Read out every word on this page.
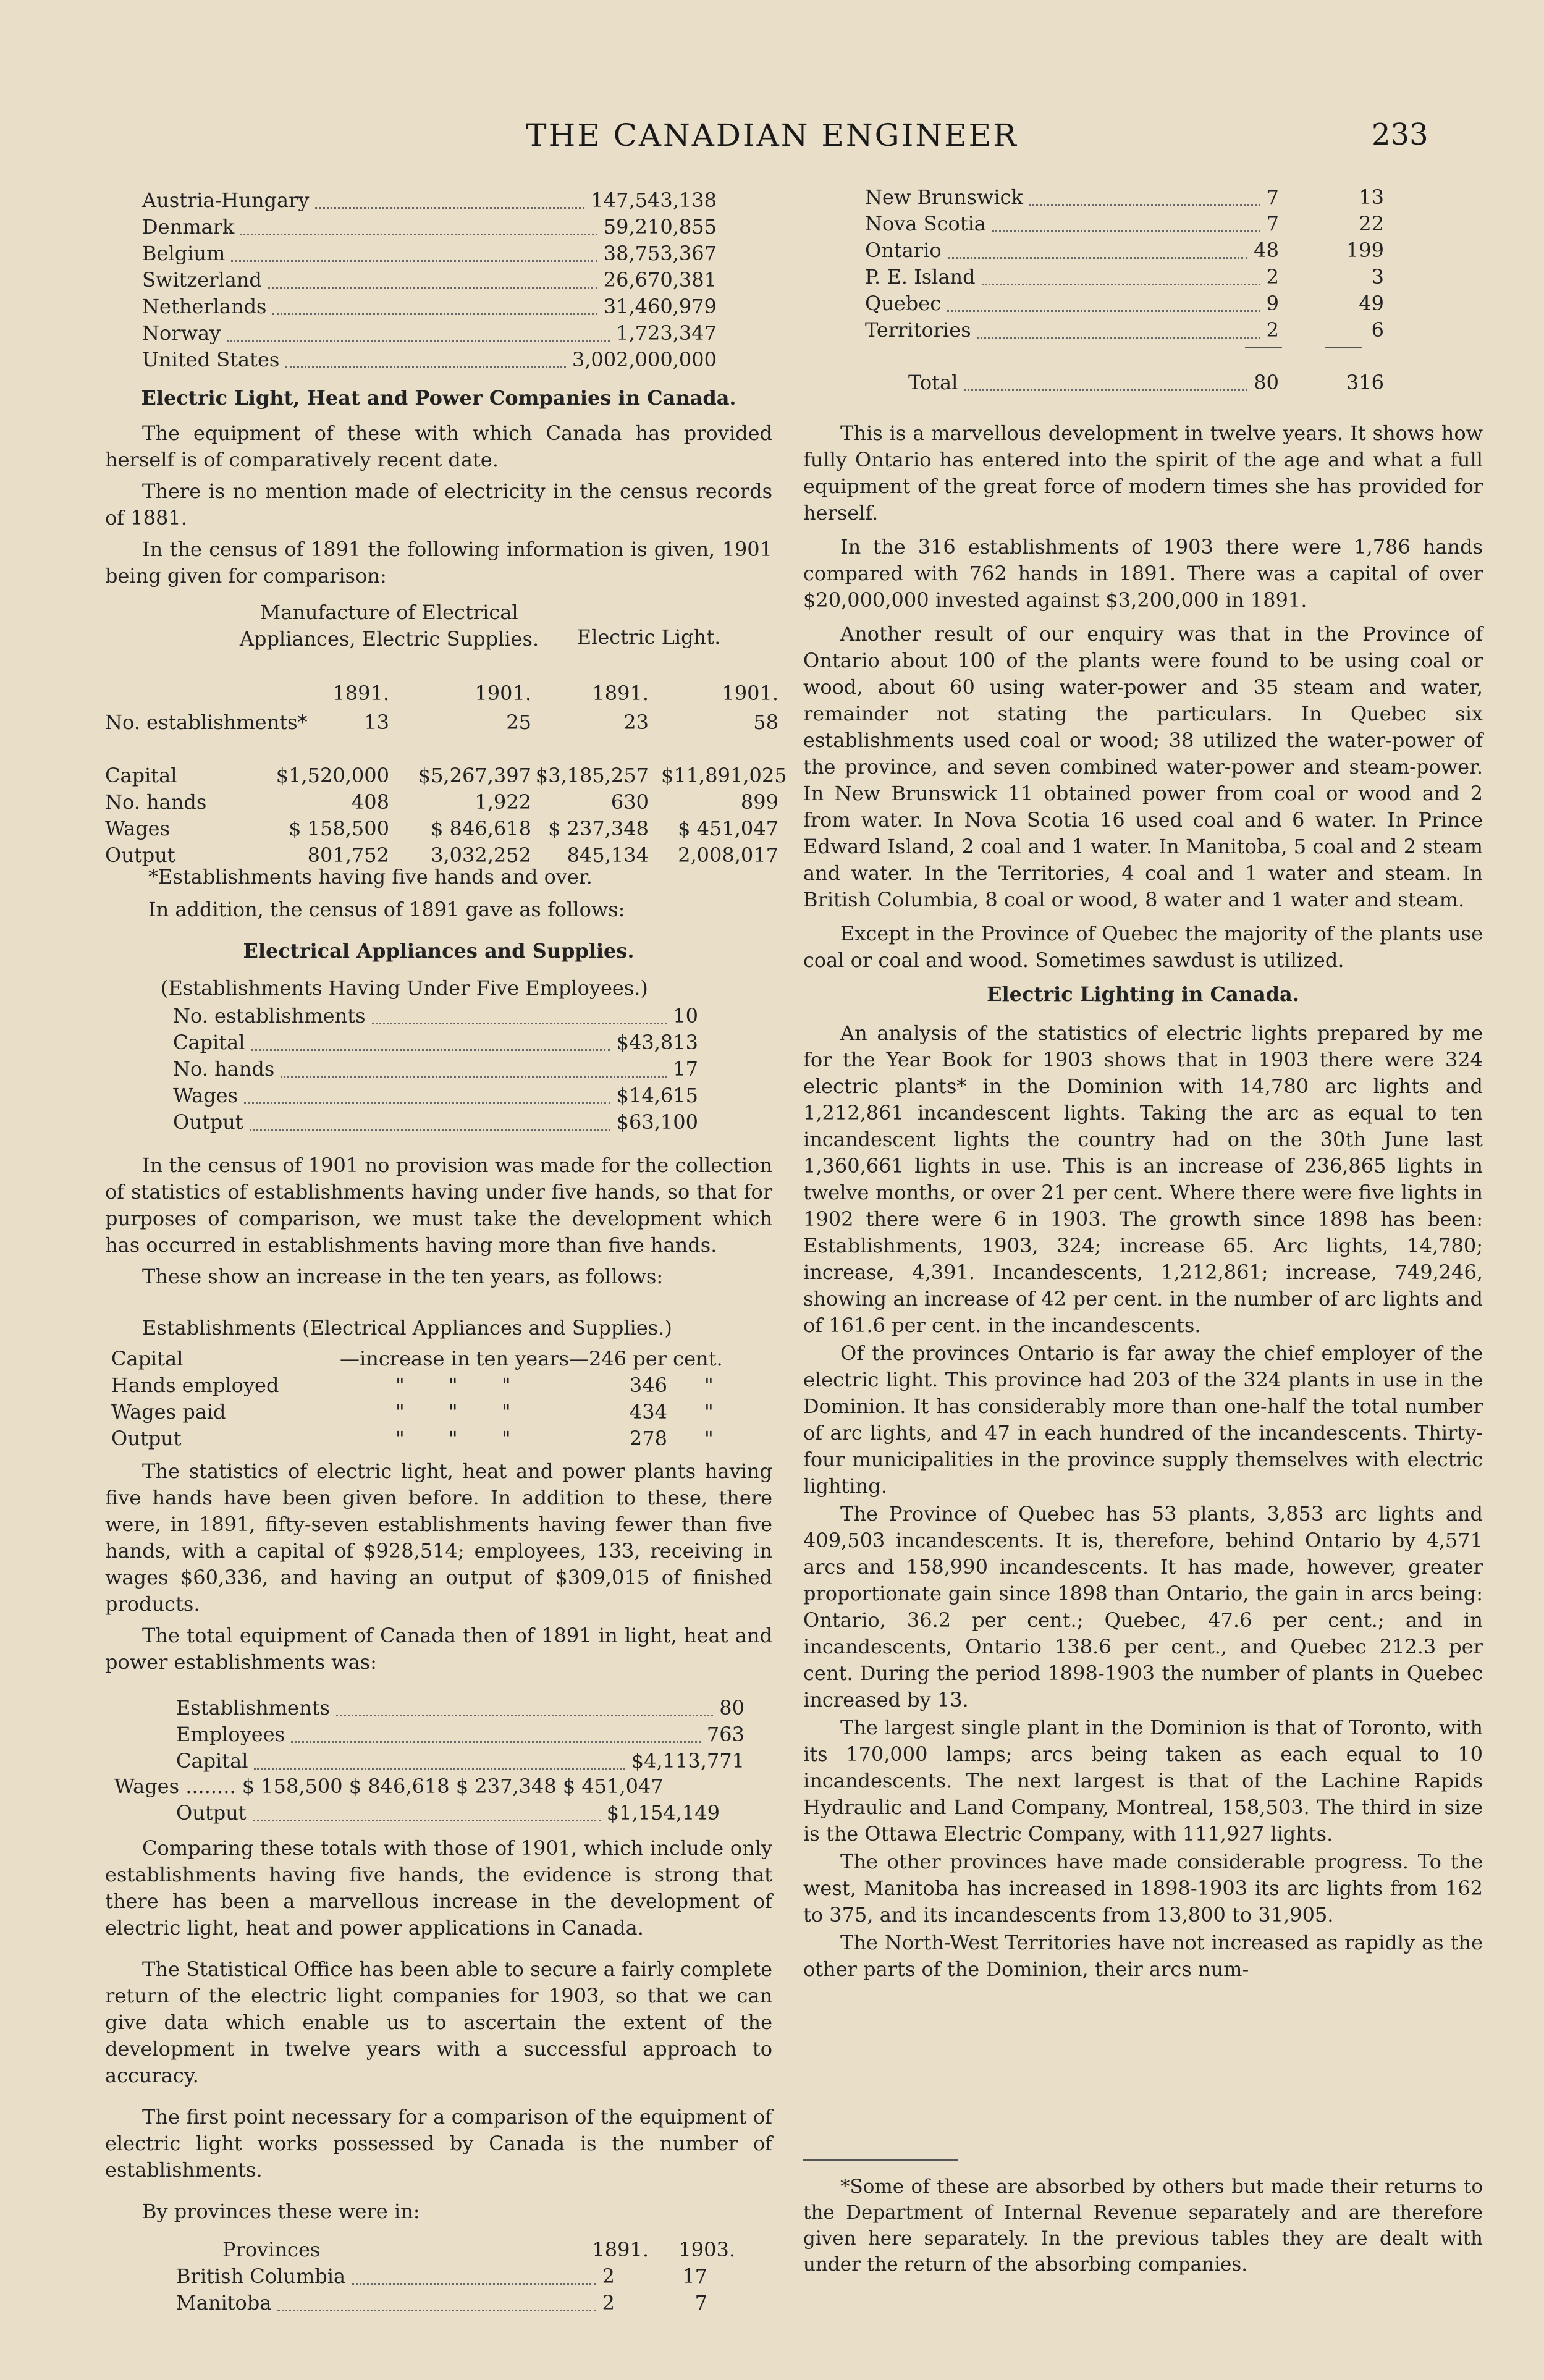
THE CANADIAN ENGINEER	233
Austria-Hungary	147,543,138
Denmark	59,210,855
Belgium	38,753,367
Switzerland	26,670,381
Netherlands	31,460,979
Norway	1,723,347
United States	3,002,000,000
Electric Light, Heat and Power Companies in Canada.

The equipment of these with which Canada has provided herself is of comparatively recent date.

There is no mention made of electricity in the census records of 1881.

In the census of 1891 the following information is given, 1901 being given for comparison:

Manufacture of Electrical Appliances, Electric Supplies.	Electric Light.
1891.	1901.	1891.	1901.
No. establishments*	13	25	23	58
Capital	$1,520,000 $5,267,397 $3,185,257 $11,891,025
No. hands	408	1,922	630	899
Wages	$ 158,500	$ 846,618 $ 237,348	$ 451,047
Output	801,752	3,032,252	845,134	2,008,017
*Establishments having five hands and over.
In addition, the census of 1891 gave as follows:
Electrical Appliances and Supplies.
(Establishments Having Under Five Employees.)
No. establishments	10
Capital	$43,813
No. hands	17
Wages	$14,615
Output	$63,100

In the census of 1901 no provision was made for the collection of statistics of establishments having under five hands, so that for purposes of comparison, we must take the development which has occurred in establishments having more than five hands.

These show an increase in the ten years, as follows:

Establishments (Electrical Appliances and Supplies.)
Capital	—increase in ten years—246 per cent.
Hands employed	"       "       "	346 "
Wages paid	"       "       "	434 "
Output	"       "       "	278 "

The statistics of electric light, heat and power plants having five hands have been given before. In addition to these, there were, in 1891, fifty-seven establishments having fewer than five hands, with a capital of $928,514; employees, 133, receiving in wages $60,336, and having an output of $309,015 of finished products.

The total equipment of Canada then of 1891 in light, heat and power establishments was:

Establishments	80
Employees	763
Capital	$4,113,771
Wages ........ $ 158,500 $ 846,618 $ 237,348 $ 451,047
Output	$1,154,149

Comparing these totals with those of 1901, which include only establishments having five hands, the evidence is strong that there has been a marvellous increase in the development of electric light, heat and power applications in Canada.

The Statistical Office has been able to secure a fairly complete return of the electric light companies for 1903, so that we can give data which enable us to ascertain the extent of the development in twelve years with a successful approach to accuracy.

The first point necessary for a comparison of the equipment of electric light works possessed by Canada is the number of establishments.

By provinces these were in:

Provinces	1891.	1903.
British Columbia	2	17
Manitoba	2	7
New Brunswick	7	13
Nova Scotia	7	22
Ontario	48	199
P. E. Island	2	3
Quebec	9	49
Territories	2	6
Total	80	316

This is a marvellous development in twelve years. It shows how fully Ontario has entered into the spirit of the age and what a full equipment of the great force of modern times she has provided for herself.

In the 316 establishments of 1903 there were 1,786 hands compared with 762 hands in 1891. There was a capital of over $20,000,000 invested against $3,200,000 in 1891.

Another result of our enquiry was that in the Province of Ontario about 100 of the plants were found to be using coal or wood, about 60 using water-power and 35 steam and water, remainder not stating the particulars. In Quebec six establishments used coal or wood; 38 utilized the water-power of the province, and seven combined water-power and steam-power. In New Brunswick 11 obtained power from coal or wood and 2 from water. In Nova Scotia 16 used coal and 6 water. In Prince Edward Island, 2 coal and 1 water. In Manitoba, 5 coal and 2 steam and water. In the Territories, 4 coal and 1 water and steam. In British Columbia, 8 coal or wood, 8 water and 1 water and steam.

Except in the Province of Quebec the majority of the plants use coal or coal and wood. Sometimes sawdust is utilized.

Electric Lighting in Canada.

An analysis of the statistics of electric lights prepared by me for the Year Book for 1903 shows that in 1903 there were 324 electric plants* in the Dominion with 14,780 arc lights and 1,212,861 incandescent lights. Taking the arc as equal to ten incandescent lights the country had on the 30th June last 1,360,661 lights in use. This is an increase of 236,865 lights in twelve months, or over 21 per cent. Where there were five lights in 1902 there were 6 in 1903. The growth since 1898 has been: Establishments, 1903, 324; increase 65. Arc lights, 14,780; increase, 4,391. Incandescents, 1,212,861; increase, 749,246, showing an increase of 42 per cent. in the number of arc lights and of 161.6 per cent. in the incandescents.

Of the provinces Ontario is far away the chief employer of the electric light. This province had 203 of the 324 plants in use in the Dominion. It has considerably more than one-half the total number of arc lights, and 47 in each hundred of the incandescents. Thirty-four municipalities in the province supply themselves with electric lighting.

The Province of Quebec has 53 plants, 3,853 arc lights and 409,503 incandescents. It is, therefore, behind Ontario by 4,571 arcs and 158,990 incandescents. It has made, however, greater proportionate gain since 1898 than Ontario, the gain in arcs being: Ontario, 36.2 per cent.; Quebec, 47.6 per cent.; and in incandescents, Ontario 138.6 per cent., and Quebec 212.3 per cent. During the period 1898-1903 the number of plants in Quebec increased by 13.

The largest single plant in the Dominion is that of Toronto, with its 170,000 lamps; arcs being taken as each equal to 10 incandescents. The next largest is that of the Lachine Rapids Hydraulic and Land Company, Montreal, 158,503. The third in size is the Ottawa Electric Company, with 111,927 lights.

The other provinces have made considerable progress. To the west, Manitoba has increased in 1898-1903 its arc lights from 162 to 375, and its incandescents from 13,800 to 31,905.

The North-West Territories have not increased as rapidly as the other parts of the Dominion, their arcs num-

*Some of these are absorbed by others but made their returns to the Department of Internal Revenue separately and are therefore given here separately. In the previous tables they are dealt with under the return of the absorbing companies.
